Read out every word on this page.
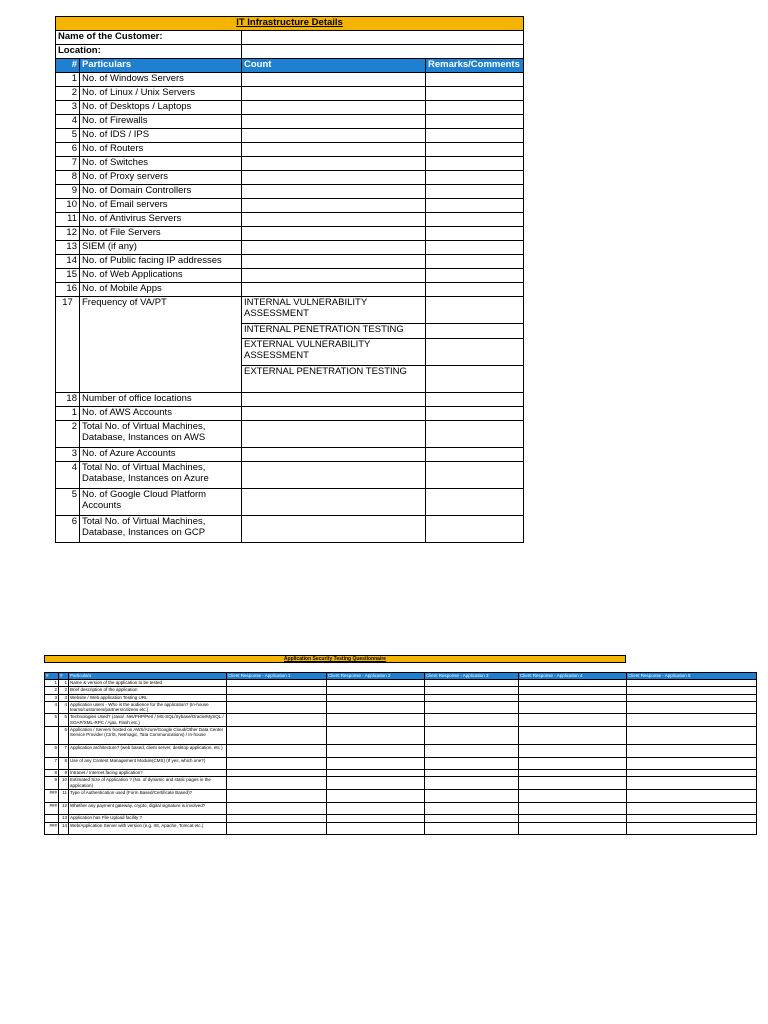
IT Infrastructure Details			
Name of the Customer:			
Location:			
#	Particulars	Count	Remarks/Comments
1	No. of Windows Servers		
2	No. of Linux / Unix Servers		
3	No. of Desktops / Laptops		
4	No. of Firewalls		
5	No. of IDS / IPS		
6	No. of Routers		
7	No. of Switches		
8	No. of Proxy servers		
9	No. of Domain Controllers		
10	No. of Email servers		
11	No. of Antivirus Servers		
12	No. of File Servers		
13	SIEM (if any)		
14	No. of Public facing IP addresses		
15	No. of Web Applications		
16	No. of Mobile Apps		
17	Frequency of VA/PT	INTERNAL VULNERABILITY ASSESSMENT	
		INTERNAL PENETRATION TESTING	
		EXTERNAL VULNERABILITY ASSESSMENT	
		EXTERNAL PENETRATION TESTING	
18	Number of office locations		
1	No. of AWS Accounts		
2	Total No. of Virtual Machines, Database, Instances on AWS		
3	No. of Azure Accounts		
4	Total No. of Virtual Machines, Database, Instances on Azure		
5	No. of Google Cloud Platform Accounts		
6	Total No. of Virtual Machines, Database, Instances on GCP		
Application Security Testing Questionnaire
#	#	Particulars	Client Response - Application 1	Client Response - Application 2	Client Response - Application 3	Client Response - Application 4	Client Response - Application 5
1	1	Name & version of the application to be tested					
2	2	Brief description of the application					
3	3	Website / Web application Testing URL					
4	4	Application users - Who is the audience for the application? (In-house teams/customers/partners/citizens etc.)					
5	5	Technologies Used? (Java/ .Net/PHP/Perl / MS-SQL/Sybase/Oracle/MySQL / SOAP/XML-RPC / Ajax, Flash etc.)					
	6	Application / Servers hosted on AWS/Azure/Google Cloud/Other Data Center Service Provider (CtrlS, Netmagic, Tata Communications) / In-house					
6	7	Application architecture? (web based, client server, desktop application, etc )					
7	8	Use of any Content Management Module(CMS) (If yes, which one?)					
8	9	Intranet / Internet facing application?					
9	10	Estimated Size of Application ? (No. of dynamic and static pages in the application)					
###	11	Type of Authentication used (Form Based/Certificate Based)?					
###	12	Whether any payment gateway, crypto, digital signature is involved?					
	13	Application has File Upload facility ?					
###	14	Web/Application Server with version (e.g. IIS, Apache, Tomcat etc.)					
